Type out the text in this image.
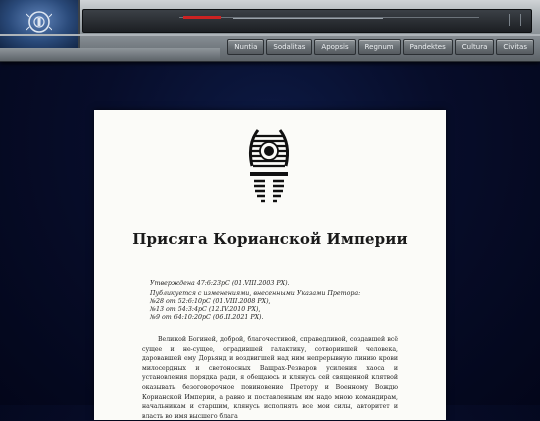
Nuntia	Sodalitas	Apopsis	Regnum	Pandektes	Cultura	Civitas
Присяга Корианской Империи
Утверждена 47:6:23рС (01.VIII.2003 РХ).
Публикуется с изменениями, внесенными Указами Претора:
№28 от 52:6:10рС (01.VIII.2008 РХ),
№13 от 54:3:4рС (12.IV.2010 РХ),
№9 от 64:10:20рС (06.II.2021 РХ).
Великой Богиней, доброй, благочестивой, справедливой, создавшей всё сущее и не-сущее, оградившей галактику, сотворившей человека, даровавшей ему Дорьянд и воздвигшей над ним непрерывную линию крови милосердных и светоносных Ващрах-Резваров усиления хаоса и установления порядка ради, я обещаюсь и клянусь сей священной клятвой оказывать безоговорочное повиновение Претору и Военному Вождю Корианской Империи, а равно и поставленным им надо мною командирам, начальникам и старшим, клянусь исполнять все мои силы, авторитет и власть во имя высшего блага
